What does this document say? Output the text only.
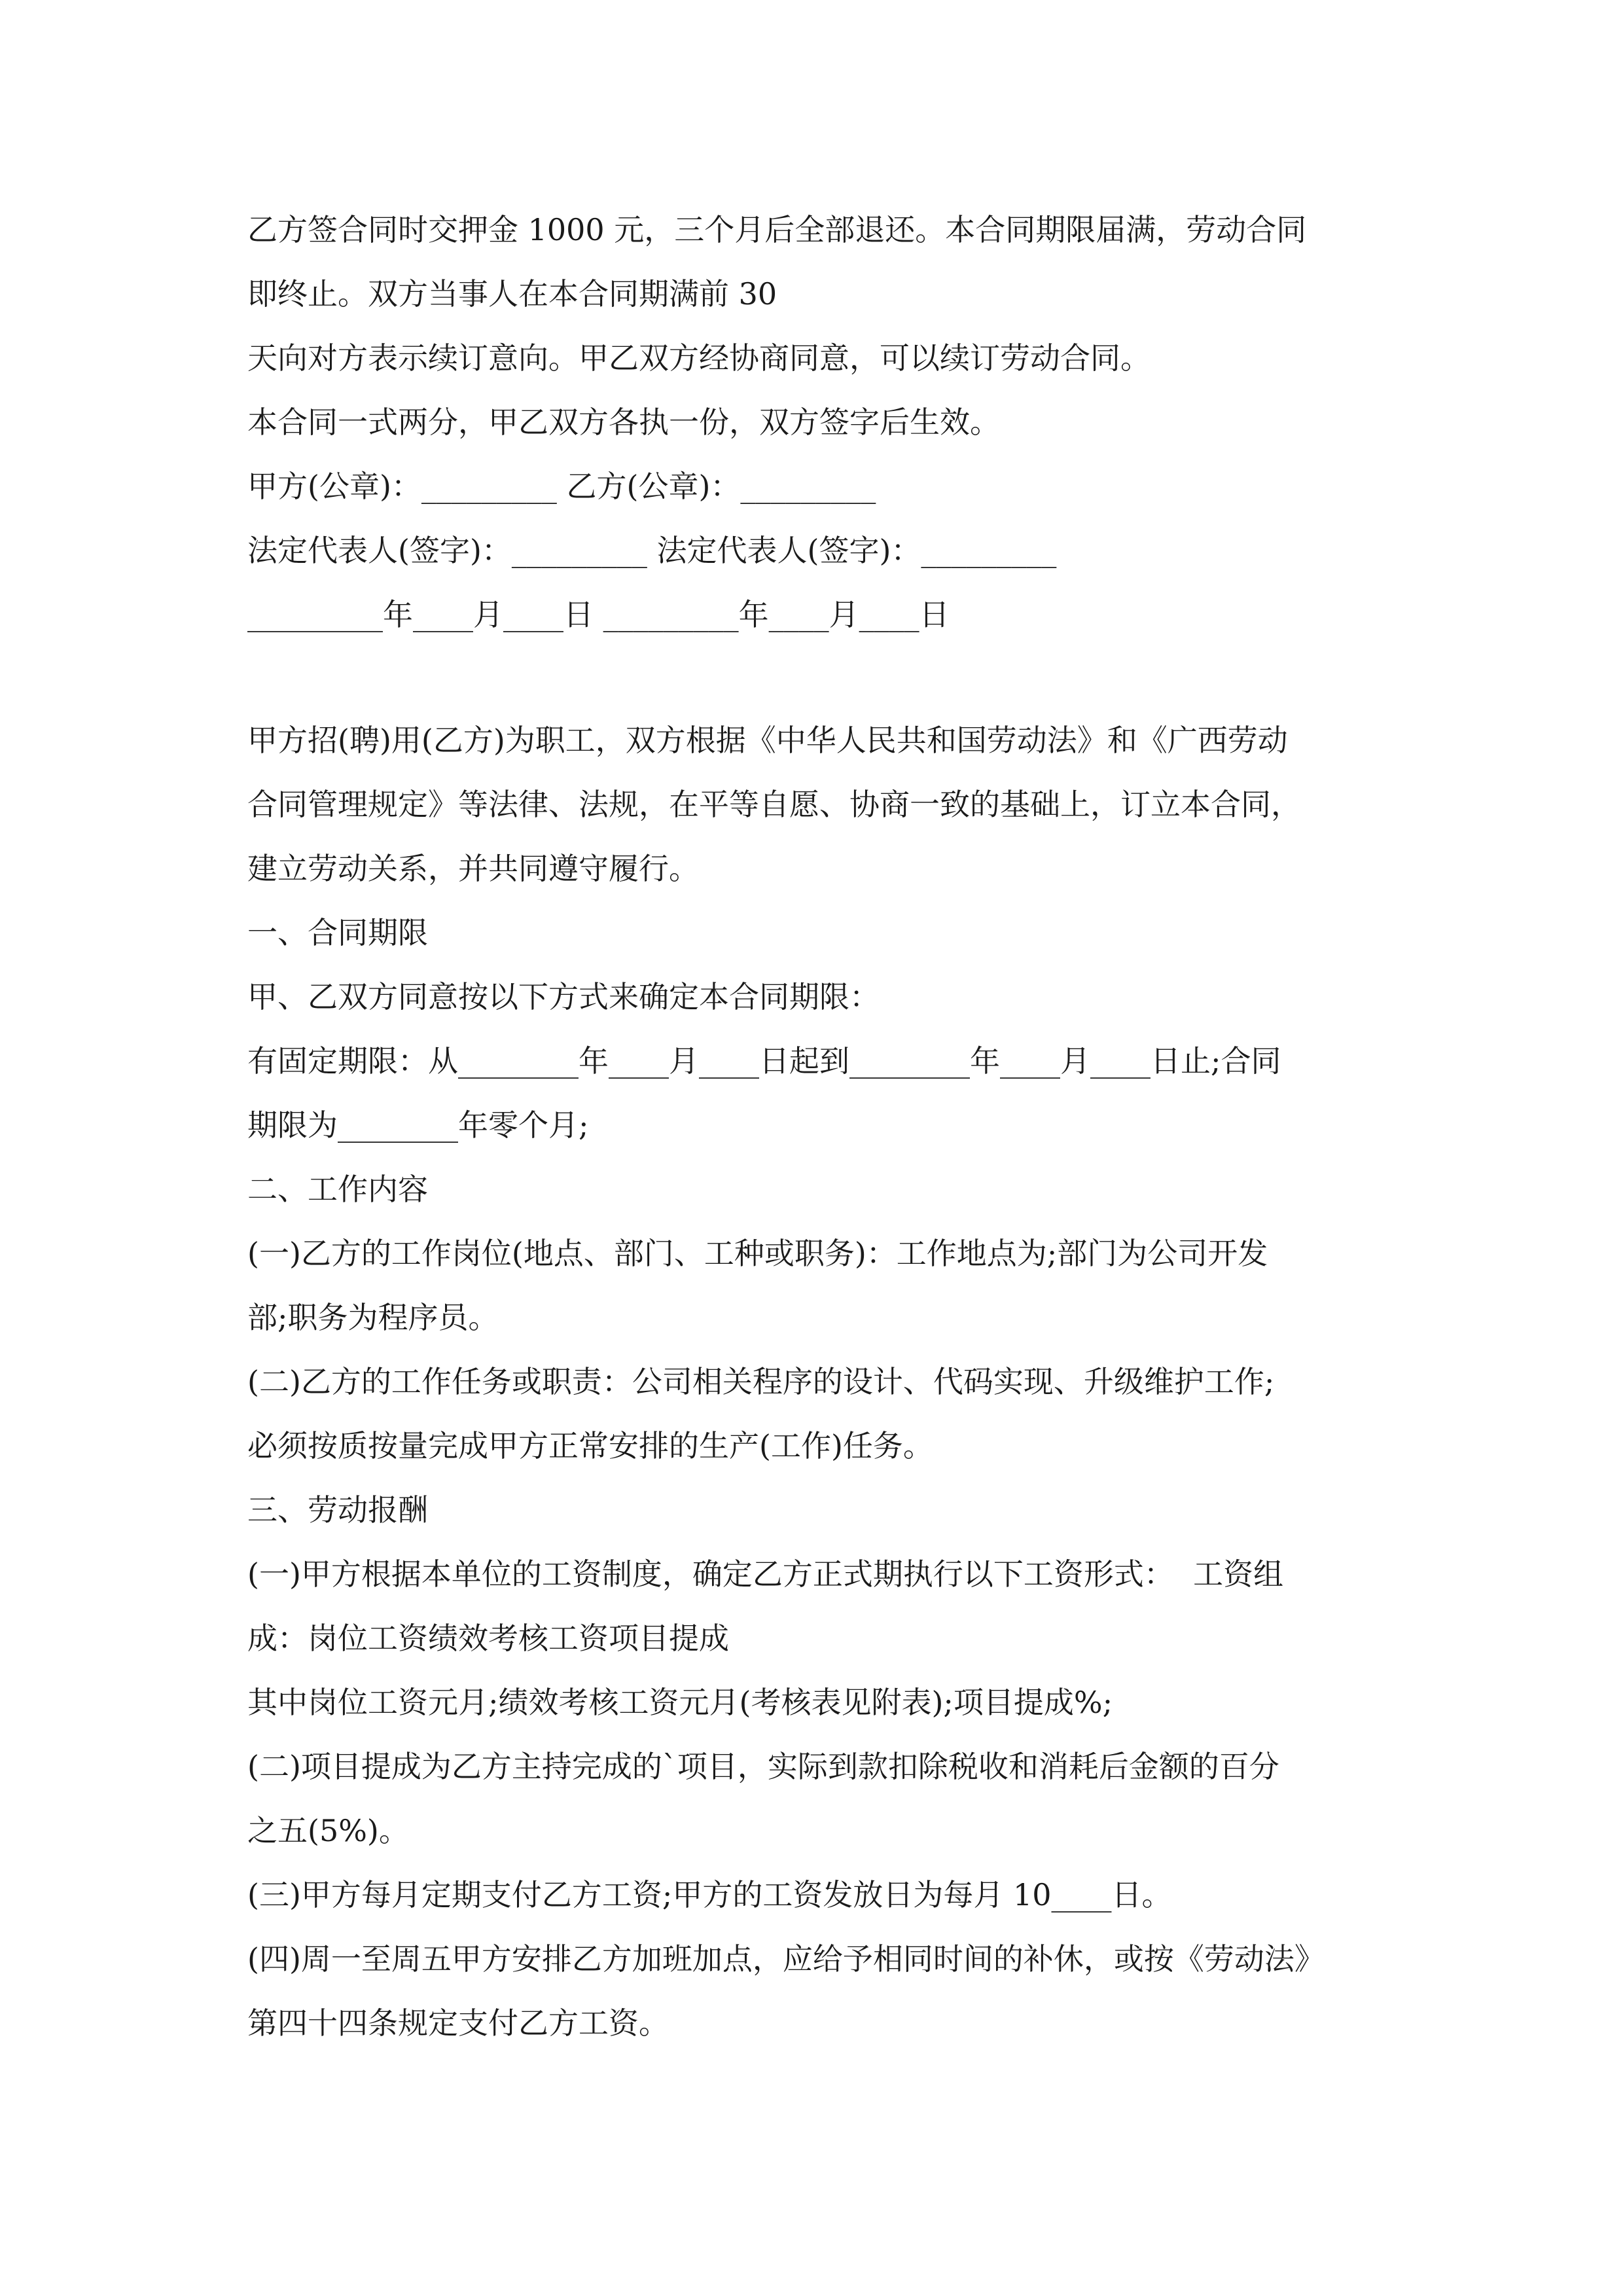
乙方签合同时交押金 1000 元，三个月后全部退还。本合同期限届满，劳动合同
即终止。双方当事人在本合同期满前 30
天向对方表示续订意向。甲乙双方经协商同意，可以续订劳动合同。
本合同一式两分，甲乙双方各执一份，双方签字后生效。
甲方(公章)：_________ 乙方(公章)：_________
法定代表人(签字)：_________ 法定代表人(签字)：_________
_________年____月____日 _________年____月____日
甲方招(聘)用(乙方)为职工，双方根据《中华人民共和国劳动法》和《广西劳动
合同管理规定》等法律、法规，在平等自愿、协商一致的基础上，订立本合同，
建立劳动关系，并共同遵守履行。
一、合同期限
甲、乙双方同意按以下方式来确定本合同期限：
有固定期限：从________年____月____日起到________年____月____日止;合同
期限为________年零个月;
二、工作内容
(一)乙方的工作岗位(地点、部门、工种或职务)：工作地点为;部门为公司开发
部;职务为程序员。
(二)乙方的工作任务或职责：公司相关程序的设计、代码实现、升级维护工作;
必须按质按量完成甲方正常安排的生产(工作)任务。
三、劳动报酬
(一)甲方根据本单位的工资制度，确定乙方正式期执行以下工资形式：  工资组
成：岗位工资绩效考核工资项目提成
其中岗位工资元月;绩效考核工资元月(考核表见附表);项目提成%;
(二)项目提成为乙方主持完成的`项目，实际到款扣除税收和消耗后金额的百分
之五(5%)。
(三)甲方每月定期支付乙方工资;甲方的工资发放日为每月 10____日。
(四)周一至周五甲方安排乙方加班加点，应给予相同时间的补休，或按《劳动法》
第四十四条规定支付乙方工资。
